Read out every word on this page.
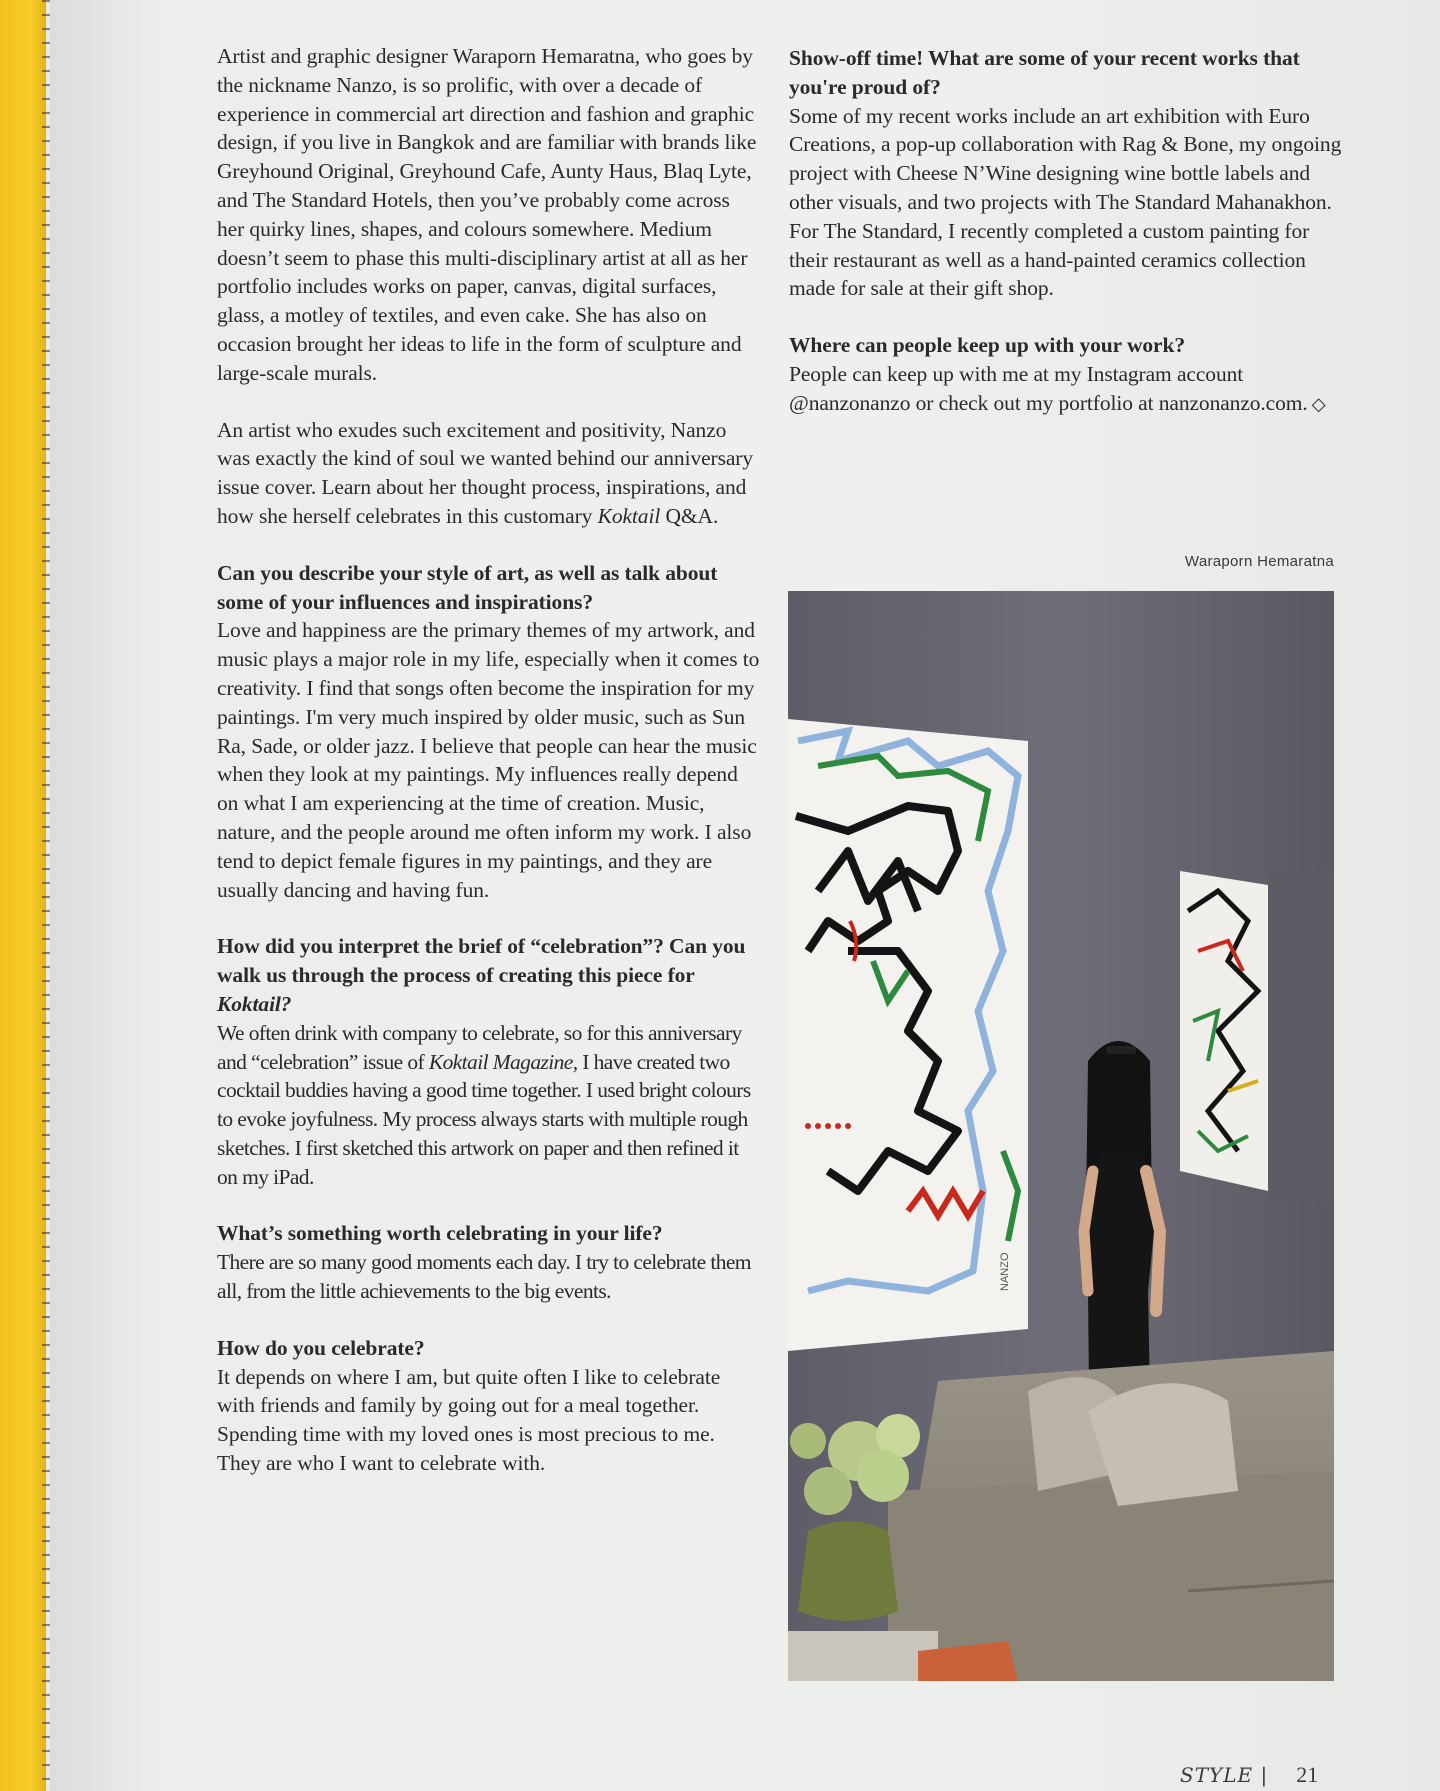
Artist and graphic designer Waraporn Hemaratna, who goes by the nickname Nanzo, is so prolific, with over a decade of experience in commercial art direction and fashion and graphic design, if you live in Bangkok and are familiar with brands like Greyhound Original, Greyhound Cafe, Aunty Haus, Blaq Lyte, and The Standard Hotels, then you’ve probably come across her quirky lines, shapes, and colours somewhere. Medium doesn’t seem to phase this multi-disciplinary artist at all as her portfolio includes works on paper, canvas, digital surfaces, glass, a motley of textiles, and even cake. She has also on occasion brought her ideas to life in the form of sculpture and large-scale murals.

An artist who exudes such excitement and positivity, Nanzo was exactly the kind of soul we wanted behind our anniversary issue cover. Learn about her thought process, inspirations, and how she herself celebrates in this customary Koktail Q&A.

Can you describe your style of art, as well as talk about some of your influences and inspirations?

Love and happiness are the primary themes of my artwork, and music plays a major role in my life, especially when it comes to creativity. I find that songs often become the inspiration for my paintings. I'm very much inspired by older music, such as Sun Ra, Sade, or older jazz. I believe that people can hear the music when they look at my paintings. My influences really depend on what I am experiencing at the time of creation. Music, nature, and the people around me often inform my work. I also tend to depict female figures in my paintings, and they are usually dancing and having fun.

How did you interpret the brief of “celebration”? Can you walk us through the process of creating this piece for Koktail?

We often drink with company to celebrate, so for this anniversary and “celebration” issue of Koktail Magazine, I have created two cocktail buddies having a good time together. I used bright colours to evoke joyfulness. My process always starts with multiple rough sketches. I first sketched this artwork on paper and then refined it on my iPad.

What’s something worth celebrating in your life?

There are so many good moments each day. I try to celebrate them all, from the little achievements to the big events.

How do you celebrate?

It depends on where I am, but quite often I like to celebrate with friends and family by going out for a meal together. Spending time with my loved ones is most precious to me. They are who I want to celebrate with.

Show-off time! What are some of your recent works that you're proud of?

Some of my recent works include an art exhibition with Euro Creations, a pop-up collaboration with Rag & Bone, my ongoing project with Cheese N’Wine designing wine bottle labels and other visuals, and two projects with The Standard Mahanakhon. For The Standard, I recently completed a custom painting for their restaurant as well as a hand-painted ceramics collection made for sale at their gift shop.

Where can people keep up with your work?

People can keep up with me at my Instagram account @nanzonanzo or check out my portfolio at nanzonanzo.com. ◇

Waraporn Hemaratna
NANZO
STYLE | 21
